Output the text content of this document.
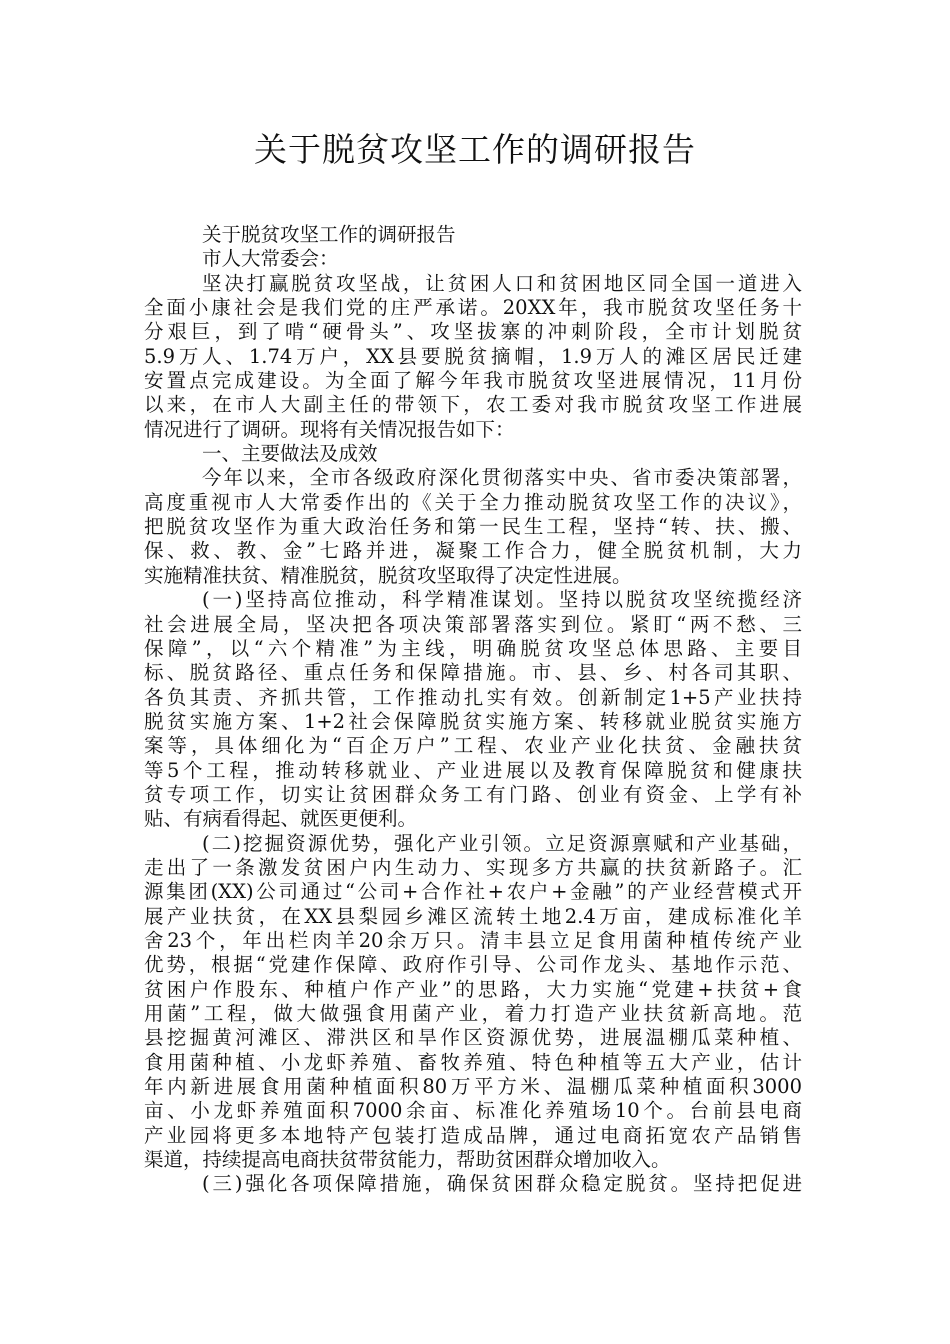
关于脱贫攻坚工作的调研报告
关于脱贫攻坚工作的调研报告
市人大常委会：
坚决打赢脱贫攻坚战，让贫困人口和贫困地区同全国一道进入
全面小康社会是我们党的庄严承诺。20XX年，我市脱贫攻坚任务十
分艰巨，到了啃“硬骨头”、攻坚拔寨的冲刺阶段，全市计划脱贫
5.9万人、1.74万户，XX县要脱贫摘帽，1.9万人的滩区居民迁建
安置点完成建设。为全面了解今年我市脱贫攻坚进展情况，11月份
以来，在市人大副主任的带领下，农工委对我市脱贫攻坚工作进展
情况进行了调研。现将有关情况报告如下：
一、主要做法及成效
今年以来，全市各级政府深化贯彻落实中央、省市委决策部署，
高度重视市人大常委作出的《关于全力推动脱贫攻坚工作的决议》，
把脱贫攻坚作为重大政治任务和第一民生工程，坚持“转、扶、搬、
保、救、教、金”七路并进，凝聚工作合力，健全脱贫机制，大力
实施精准扶贫、精准脱贫，脱贫攻坚取得了决定性进展。
(一)坚持高位推动，科学精准谋划。坚持以脱贫攻坚统揽经济
社会进展全局，坚决把各项决策部署落实到位。紧盯“两不愁、三
保障”，以“六个精准”为主线，明确脱贫攻坚总体思路、主要目
标、脱贫路径、重点任务和保障措施。市、县、乡、村各司其职、
各负其责、齐抓共管，工作推动扎实有效。创新制定1+5产业扶持
脱贫实施方案、1+2社会保障脱贫实施方案、转移就业脱贫实施方
案等，具体细化为“百企万户”工程、农业产业化扶贫、金融扶贫
等5个工程，推动转移就业、产业进展以及教育保障脱贫和健康扶
贫专项工作，切实让贫困群众务工有门路、创业有资金、上学有补
贴、有病看得起、就医更便利。
(二)挖掘资源优势，强化产业引领。立足资源禀赋和产业基础，
走出了一条激发贫困户内生动力、实现多方共赢的扶贫新路子。汇
源集团(XX)公司通过“公司+合作社+农户+金融”的产业经营模式开
展产业扶贫，在XX县梨园乡滩区流转土地2.4万亩，建成标准化羊
舍23个，年出栏肉羊20余万只。清丰县立足食用菌种植传统产业
优势，根据“党建作保障、政府作引导、公司作龙头、基地作示范、
贫困户作股东、种植户作产业”的思路，大力实施“党建+扶贫+食
用菌”工程，做大做强食用菌产业，着力打造产业扶贫新高地。范
县挖掘黄河滩区、滞洪区和旱作区资源优势，进展温棚瓜菜种植、
食用菌种植、小龙虾养殖、畜牧养殖、特色种植等五大产业，估计
年内新进展食用菌种植面积80万平方米、温棚瓜菜种植面积3000
亩、小龙虾养殖面积7000余亩、标准化养殖场10个。台前县电商
产业园将更多本地特产包装打造成品牌，通过电商拓宽农产品销售
渠道，持续提高电商扶贫带贫能力，帮助贫困群众增加收入。
(三)强化各项保障措施，确保贫困群众稳定脱贫。坚持把促进
